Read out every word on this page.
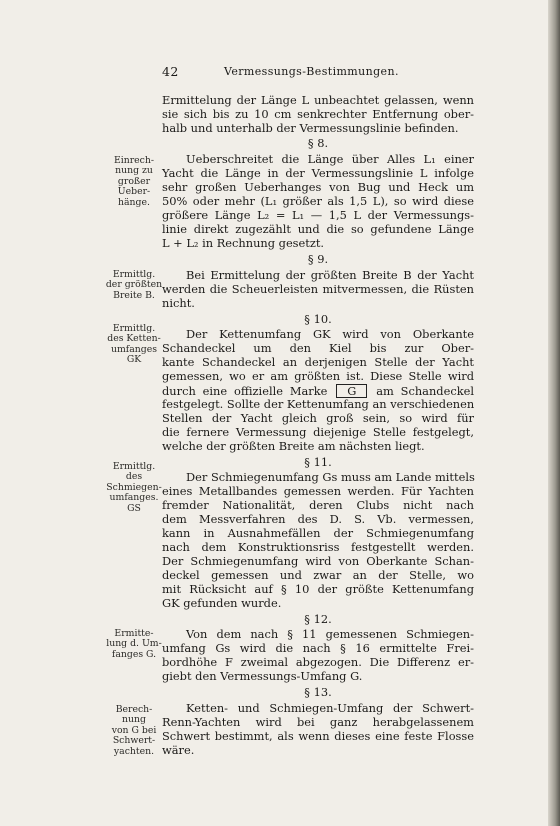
42	Vermessungs-Bestimmungen.
Ermittelung der Länge L unbeachtet gelassen, wenn
sie sich bis zu 10 cm senkrechter Entfernung ober-
halb und unterhalb der Vermessungslinie befinden.
§ 8.
Einrech-
nung zu
großer
Ueber-
hänge.
Ueberschreitet die Länge über Alles L₁ einer
Yacht die Länge in der Vermessungslinie L infolge
sehr großen Ueberhanges von Bug und Heck um
50% oder mehr (L₁ größer als 1,5 L), so wird diese
größere Länge L₂ = L₁ — 1,5 L der Vermessungs-
linie direkt zugezählt und die so gefundene Länge
L + L₂ in Rechnung gesetzt.
§ 9.
Ermittlg.
der größten
Breite B.
Bei Ermittelung der größten Breite B der Yacht
werden die Scheuerleisten mitvermessen, die Rüsten
nicht.
§ 10.
Ermittlg.
des Ketten-
umfanges
GK
Der Kettenumfang GK wird von Oberkante
Schandeckel um den Kiel bis zur Ober-
kante Schandeckel an derjenigen Stelle der Yacht
gemessen, wo er am größten ist. Diese Stelle wird
durch eine offizielle Marke G am Schandeckel
festgelegt. Sollte der Kettenumfang an verschiedenen
Stellen der Yacht gleich groß sein, so wird für
die fernere Vermessung diejenige Stelle festgelegt,
welche der größten Breite am nächsten liegt.
§ 11.
Ermittlg.
des
Schmiegen-
umfanges.
GS
Der Schmiegenumfang Gs muss am Lande mittels
eines Metallbandes gemessen werden. Für Yachten
fremder Nationalität, deren Clubs nicht nach
dem Messverfahren des D. S. Vb. vermessen,
kann in Ausnahmefällen der Schmiegenumfang
nach dem Konstruktionsriss festgestellt werden.
Der Schmiegenumfang wird von Oberkante Schan-
deckel gemessen und zwar an der Stelle, wo
mit Rücksicht auf § 10 der größte Kettenumfang
GK gefunden wurde.
§ 12.
Ermitte-
lung d. Um-
fanges G.
Von dem nach § 11 gemessenen Schmiegen-
umfang Gs wird die nach § 16 ermittelte Frei-
bordhöhe F zweimal abgezogen. Die Differenz er-
giebt den Vermessungs-Umfang G.
§ 13.
Berech-
nung
von G bei
Schwert-
yachten.
Ketten- und Schmiegen-Umfang der Schwert-
Renn-Yachten wird bei ganz herabgelassenem
Schwert bestimmt, als wenn dieses eine feste Flosse
wäre.
